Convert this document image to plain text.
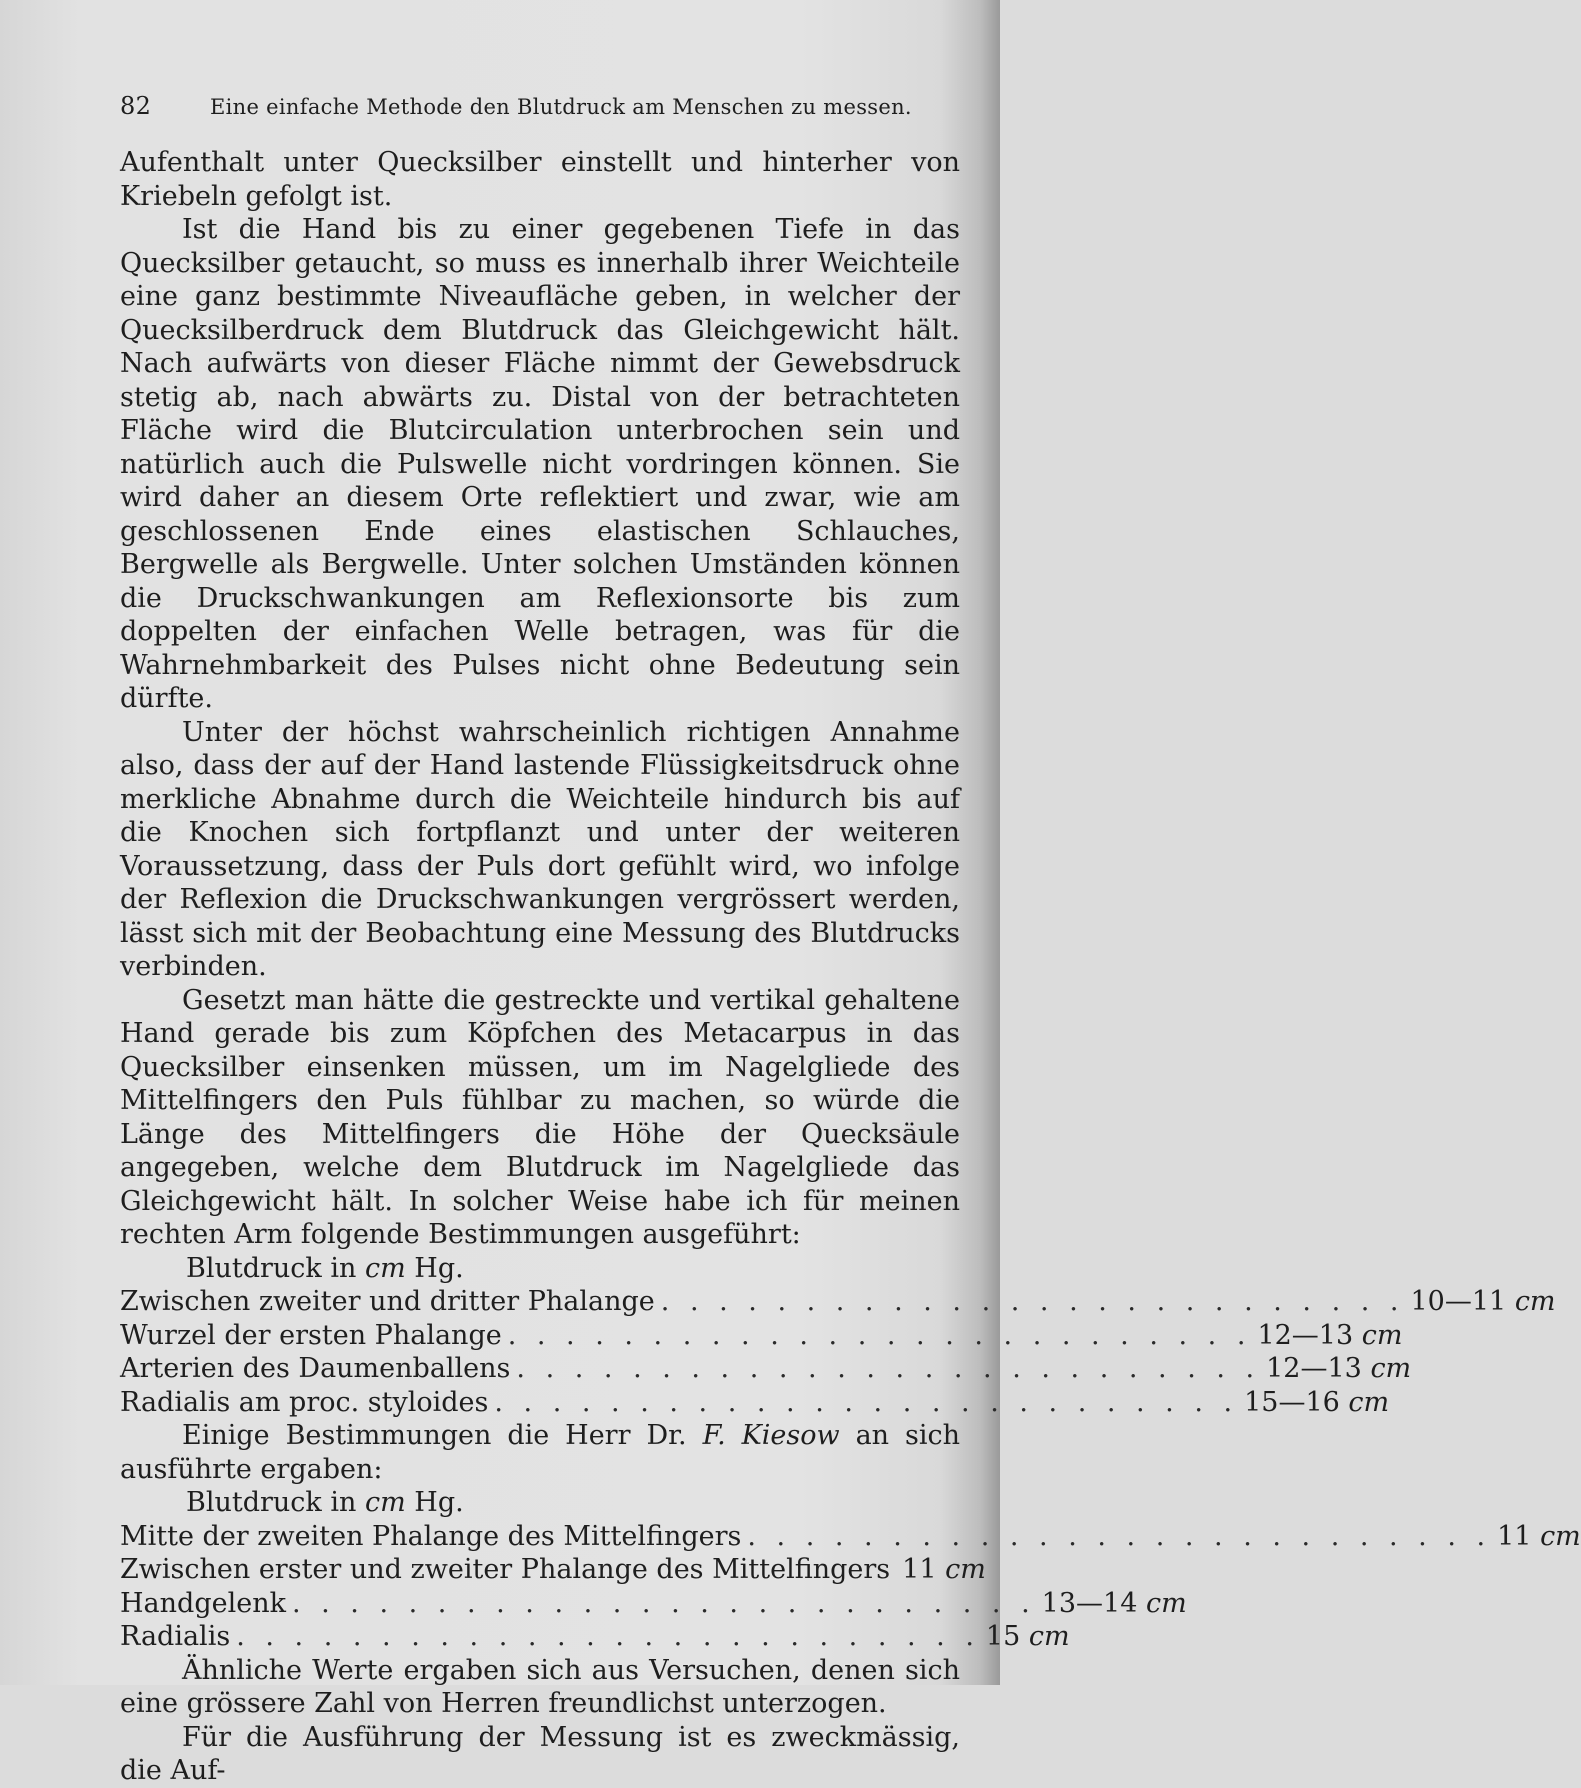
82	Eine einfache Methode den Blutdruck am Menschen zu messen.

Aufenthalt unter Quecksilber einstellt und hinterher von Kriebeln gefolgt ist.

Ist die Hand bis zu einer gegebenen Tiefe in das Quecksilber getaucht, so muss es innerhalb ihrer Weichteile eine ganz bestimmte Niveaufläche geben, in welcher der Quecksilberdruck dem Blutdruck das Gleichgewicht hält. Nach aufwärts von dieser Fläche nimmt der Gewebsdruck stetig ab, nach abwärts zu. Distal von der betrachteten Fläche wird die Blutcirculation unterbrochen sein und natürlich auch die Pulswelle nicht vordringen können. Sie wird daher an diesem Orte reflektiert und zwar, wie am geschlossenen Ende eines elastischen Schlauches, Bergwelle als Bergwelle. Unter solchen Umständen können die Druckschwankungen am Reflexionsorte bis zum doppelten der einfachen Welle betragen, was für die Wahrnehmbarkeit des Pulses nicht ohne Bedeutung sein dürfte.

Unter der höchst wahrscheinlich richtigen Annahme also, dass der auf der Hand lastende Flüssigkeitsdruck ohne merkliche Abnahme durch die Weichteile hindurch bis auf die Knochen sich fortpflanzt und unter der weiteren Voraussetzung, dass der Puls dort gefühlt wird, wo infolge der Reflexion die Druckschwankungen vergrössert werden, lässt sich mit der Beobachtung eine Messung des Blutdrucks verbinden.

Gesetzt man hätte die gestreckte und vertikal gehaltene Hand gerade bis zum Köpfchen des Metacarpus in das Quecksilber einsenken müssen, um im Nagelgliede des Mittelfingers den Puls fühlbar zu machen, so würde die Länge des Mittelfingers die Höhe der Quecksäule angegeben, welche dem Blutdruck im Nagelgliede das Gleichgewicht hält. In solcher Weise habe ich für meinen rechten Arm folgende Bestimmungen ausgeführt:

Blutdruck in cm Hg.
Zwischen zweiter und dritter Phalange . . . . . . . . . . . . . . . . . . . . . . . . . . 10—11 cm
Wurzel der ersten Phalange . . . . . . . . . . . . . . . . . . . . . . . . . . 12—13 cm
Arterien des Daumenballens . . . . . . . . . . . . . . . . . . . . . . . . . . 12—13 cm
Radialis am proc. styloides . . . . . . . . . . . . . . . . . . . . . . . . . . 15—16 cm

Einige Bestimmungen die Herr Dr. F. Kiesow an sich ausführte ergaben:

Blutdruck in cm Hg.
Mitte der zweiten Phalange des Mittelfingers . . . . . . . . . . . . . . . . . . . . . . . . . . 11 cm
Zwischen erster und zweiter Phalange des Mittelfingers 11 cm
Handgelenk . . . . . . . . . . . . . . . . . . . . . . . . . . 13—14 cm
Radialis . . . . . . . . . . . . . . . . . . . . . . . . . . 15 cm

Ähnliche Werte ergaben sich aus Versuchen, denen sich eine grössere Zahl von Herren freundlichst unterzogen.

Für die Ausführung der Messung ist es zweckmässig, die Auf-
